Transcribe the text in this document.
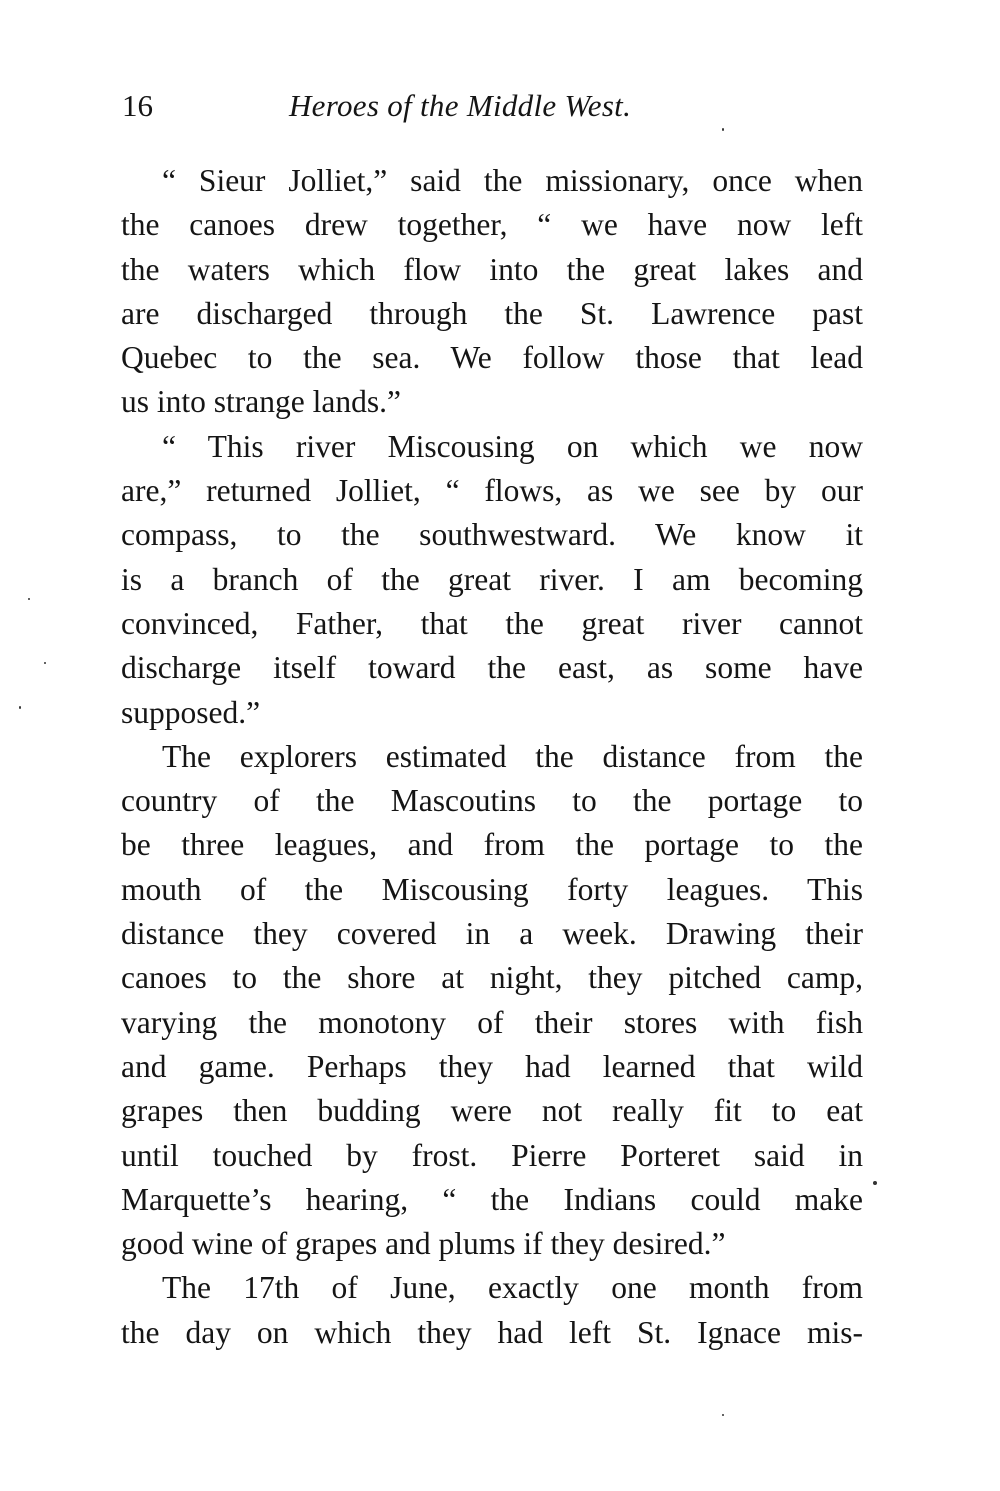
16	Heroes of the Middle West.
“ Sieur Jolliet,” said the missionary, once when
the canoes drew together, “ we have now left
the waters which flow into the great lakes and
are discharged through the St. Lawrence past
Quebec to the sea. We follow those that lead
us into strange lands.”
“ This river Miscousing on which we now
are,” returned Jolliet, “ flows, as we see by our
compass, to the southwestward. We know it
is a branch of the great river. I am becoming
convinced, Father, that the great river cannot
discharge itself toward the east, as some have
supposed.”
The explorers estimated the distance from the
country of the Mascoutins to the portage to
be three leagues, and from the portage to the
mouth of the Miscousing forty leagues. This
distance they covered in a week. Drawing their
canoes to the shore at night, they pitched camp,
varying the monotony of their stores with fish
and game. Perhaps they had learned that wild
grapes then budding were not really fit to eat
until touched by frost. Pierre Porteret said in
Marquette’s hearing, “ the Indians could make
good wine of grapes and plums if they desired.”
The 17th of June, exactly one month from
the day on which they had left St. Ignace mis-
